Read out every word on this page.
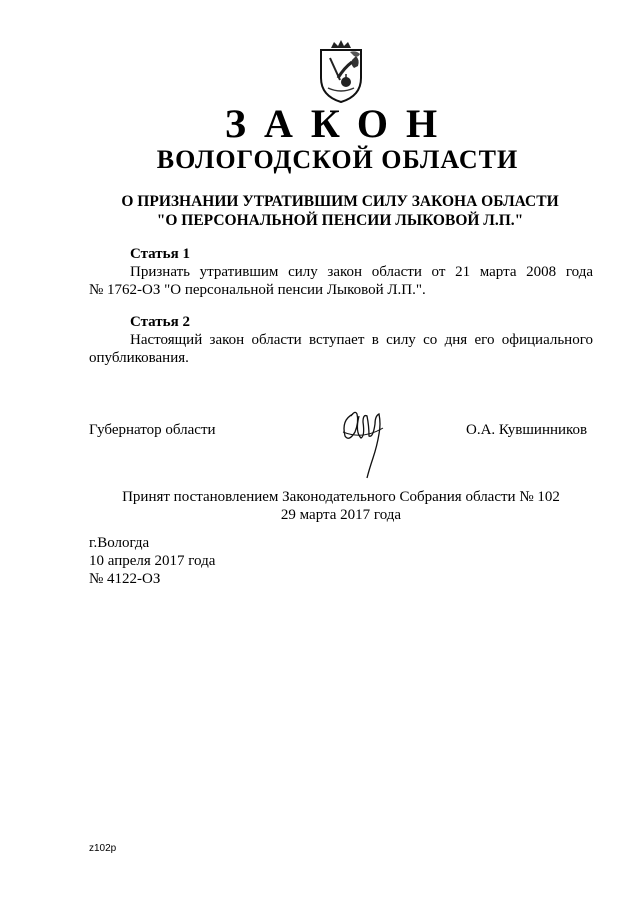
ЗАКОН
ВОЛОГОДСКОЙ ОБЛАСТИ
О ПРИЗНАНИИ УТРАТИВШИМ СИЛУ ЗАКОНА ОБЛАСТИ
"О ПЕРСОНАЛЬНОЙ ПЕНСИИ ЛЫКОВОЙ Л.П."
Статья 1
Признать утратившим силу закон области от 21 марта 2008 года
№ 1762-ОЗ "О персональной пенсии Лыковой Л.П.".
Статья 2
Настоящий закон области вступает в силу со дня его официального
опубликования.
Губернатор области	О.А. Кувшинников
Принят постановлением Законодательного Собрания области № 102
29 марта 2017 года
г.Вологда
10 апреля 2017 года
№ 4122-ОЗ
z102р
